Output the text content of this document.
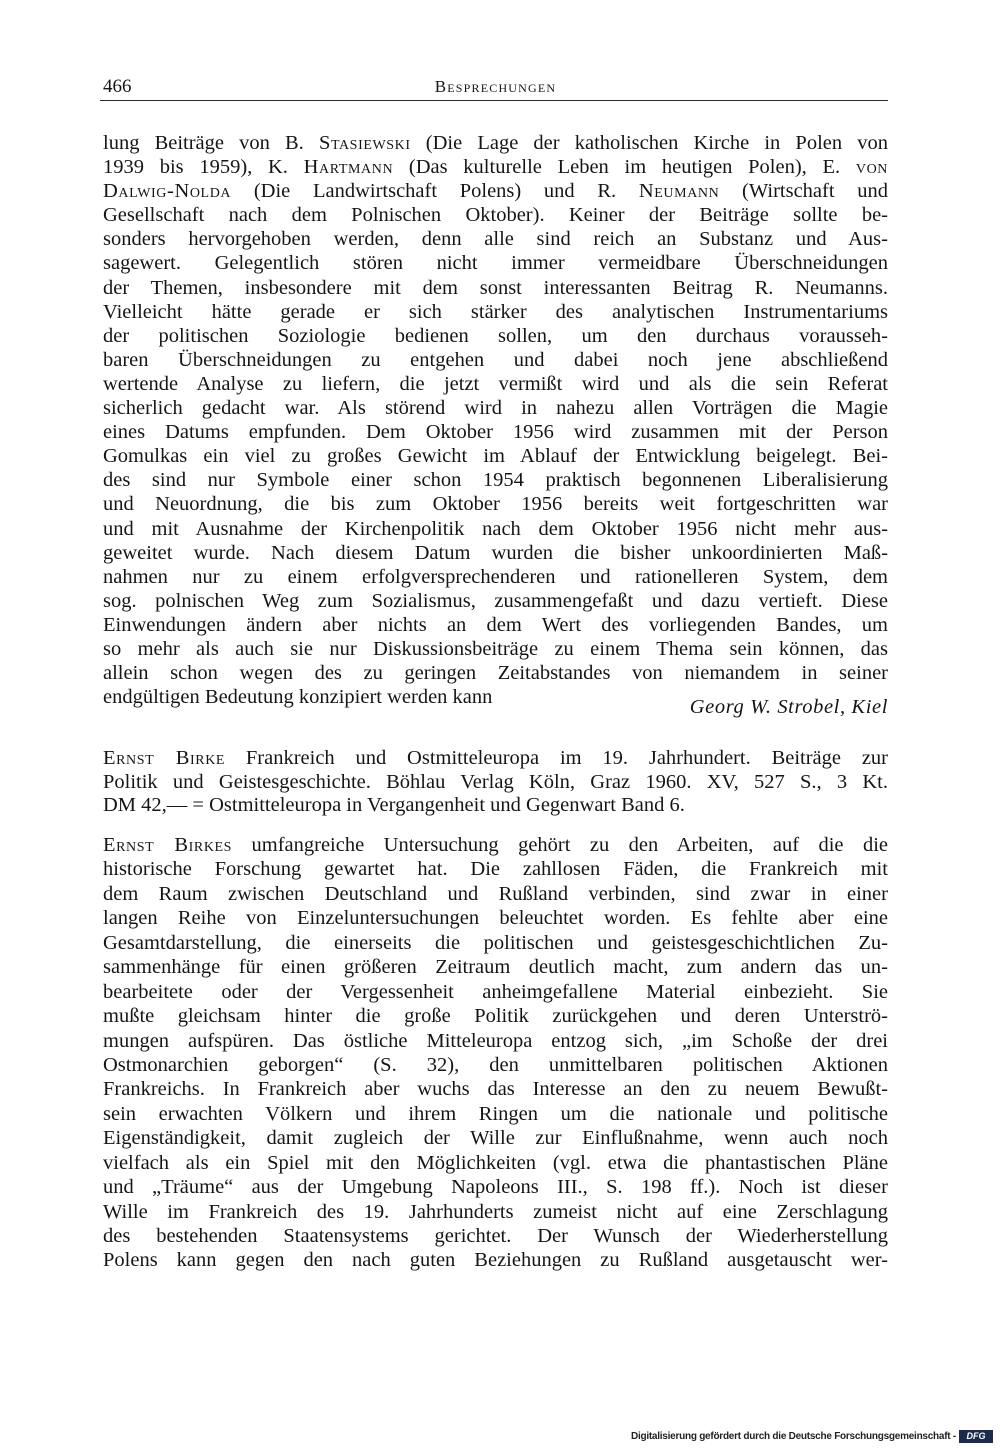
466	Besprechungen
lung Beiträge von B. Stasiewski (Die Lage der katholischen Kirche in Polen von
1939 bis 1959), K. Hartmann (Das kulturelle Leben im heutigen Polen), E. von
Dalwig-Nolda (Die Landwirtschaft Polens) und R. Neumann (Wirtschaft und
Gesellschaft nach dem Polnischen Oktober). Keiner der Beiträge sollte be-
sonders hervorgehoben werden, denn alle sind reich an Substanz und Aus-
sagewert. Gelegentlich stören nicht immer vermeidbare Überschneidungen
der Themen, insbesondere mit dem sonst interessanten Beitrag R. Neumanns.
Vielleicht hätte gerade er sich stärker des analytischen Instrumentariums
der politischen Soziologie bedienen sollen, um den durchaus vorausseh-
baren Überschneidungen zu entgehen und dabei noch jene abschließend
wertende Analyse zu liefern, die jetzt vermißt wird und als die sein Referat
sicherlich gedacht war. Als störend wird in nahezu allen Vorträgen die Magie
eines Datums empfunden. Dem Oktober 1956 wird zusammen mit der Person
Gomulkas ein viel zu großes Gewicht im Ablauf der Entwicklung beigelegt. Bei-
des sind nur Symbole einer schon 1954 praktisch begonnenen Liberalisierung
und Neuordnung, die bis zum Oktober 1956 bereits weit fortgeschritten war
und mit Ausnahme der Kirchenpolitik nach dem Oktober 1956 nicht mehr aus-
geweitet wurde. Nach diesem Datum wurden die bisher unkoordinierten Maß-
nahmen nur zu einem erfolgversprechenderen und rationelleren System, dem
sog. polnischen Weg zum Sozialismus, zusammengefaßt und dazu vertieft. Diese
Einwendungen ändern aber nichts an dem Wert des vorliegenden Bandes, um
so mehr als auch sie nur Diskussionsbeiträge zu einem Thema sein können, das
allein schon wegen des zu geringen Zeitabstandes von niemandem in seiner
endgültigen Bedeutung konzipiert werden kann	Georg W. Strobel, Kiel
Ernst Birke Frankreich und Ostmitteleuropa im 19. Jahrhundert. Beiträge zur
Politik und Geistesgeschichte. Böhlau Verlag Köln, Graz 1960. XV, 527 S., 3 Kt.
DM 42,— = Ostmitteleuropa in Vergangenheit und Gegenwart Band 6.
Ernst Birkes umfangreiche Untersuchung gehört zu den Arbeiten, auf die die
historische Forschung gewartet hat. Die zahllosen Fäden, die Frankreich mit
dem Raum zwischen Deutschland und Rußland verbinden, sind zwar in einer
langen Reihe von Einzeluntersuchungen beleuchtet worden. Es fehlte aber eine
Gesamtdarstellung, die einerseits die politischen und geistesgeschichtlichen Zu-
sammenhänge für einen größeren Zeitraum deutlich macht, zum andern das un-
bearbeitete oder der Vergessenheit anheimgefallene Material einbezieht. Sie
mußte gleichsam hinter die große Politik zurückgehen und deren Unterströ-
mungen aufspüren. Das östliche Mitteleuropa entzog sich, „im Schoße der drei
Ostmonarchien geborgen“ (S. 32), den unmittelbaren politischen Aktionen
Frankreichs. In Frankreich aber wuchs das Interesse an den zu neuem Bewußt-
sein erwachten Völkern und ihrem Ringen um die nationale und politische
Eigenständigkeit, damit zugleich der Wille zur Einflußnahme, wenn auch noch
vielfach als ein Spiel mit den Möglichkeiten (vgl. etwa die phantastischen Pläne
und „Träume“ aus der Umgebung Napoleons III., S. 198 ff.). Noch ist dieser
Wille im Frankreich des 19. Jahrhunderts zumeist nicht auf eine Zerschlagung
des bestehenden Staatensystems gerichtet. Der Wunsch der Wiederherstellung
Polens kann gegen den nach guten Beziehungen zu Rußland ausgetauscht wer-
Digitalisierung gefördert durch die Deutsche Forschungsgemeinschaft -	DFG
